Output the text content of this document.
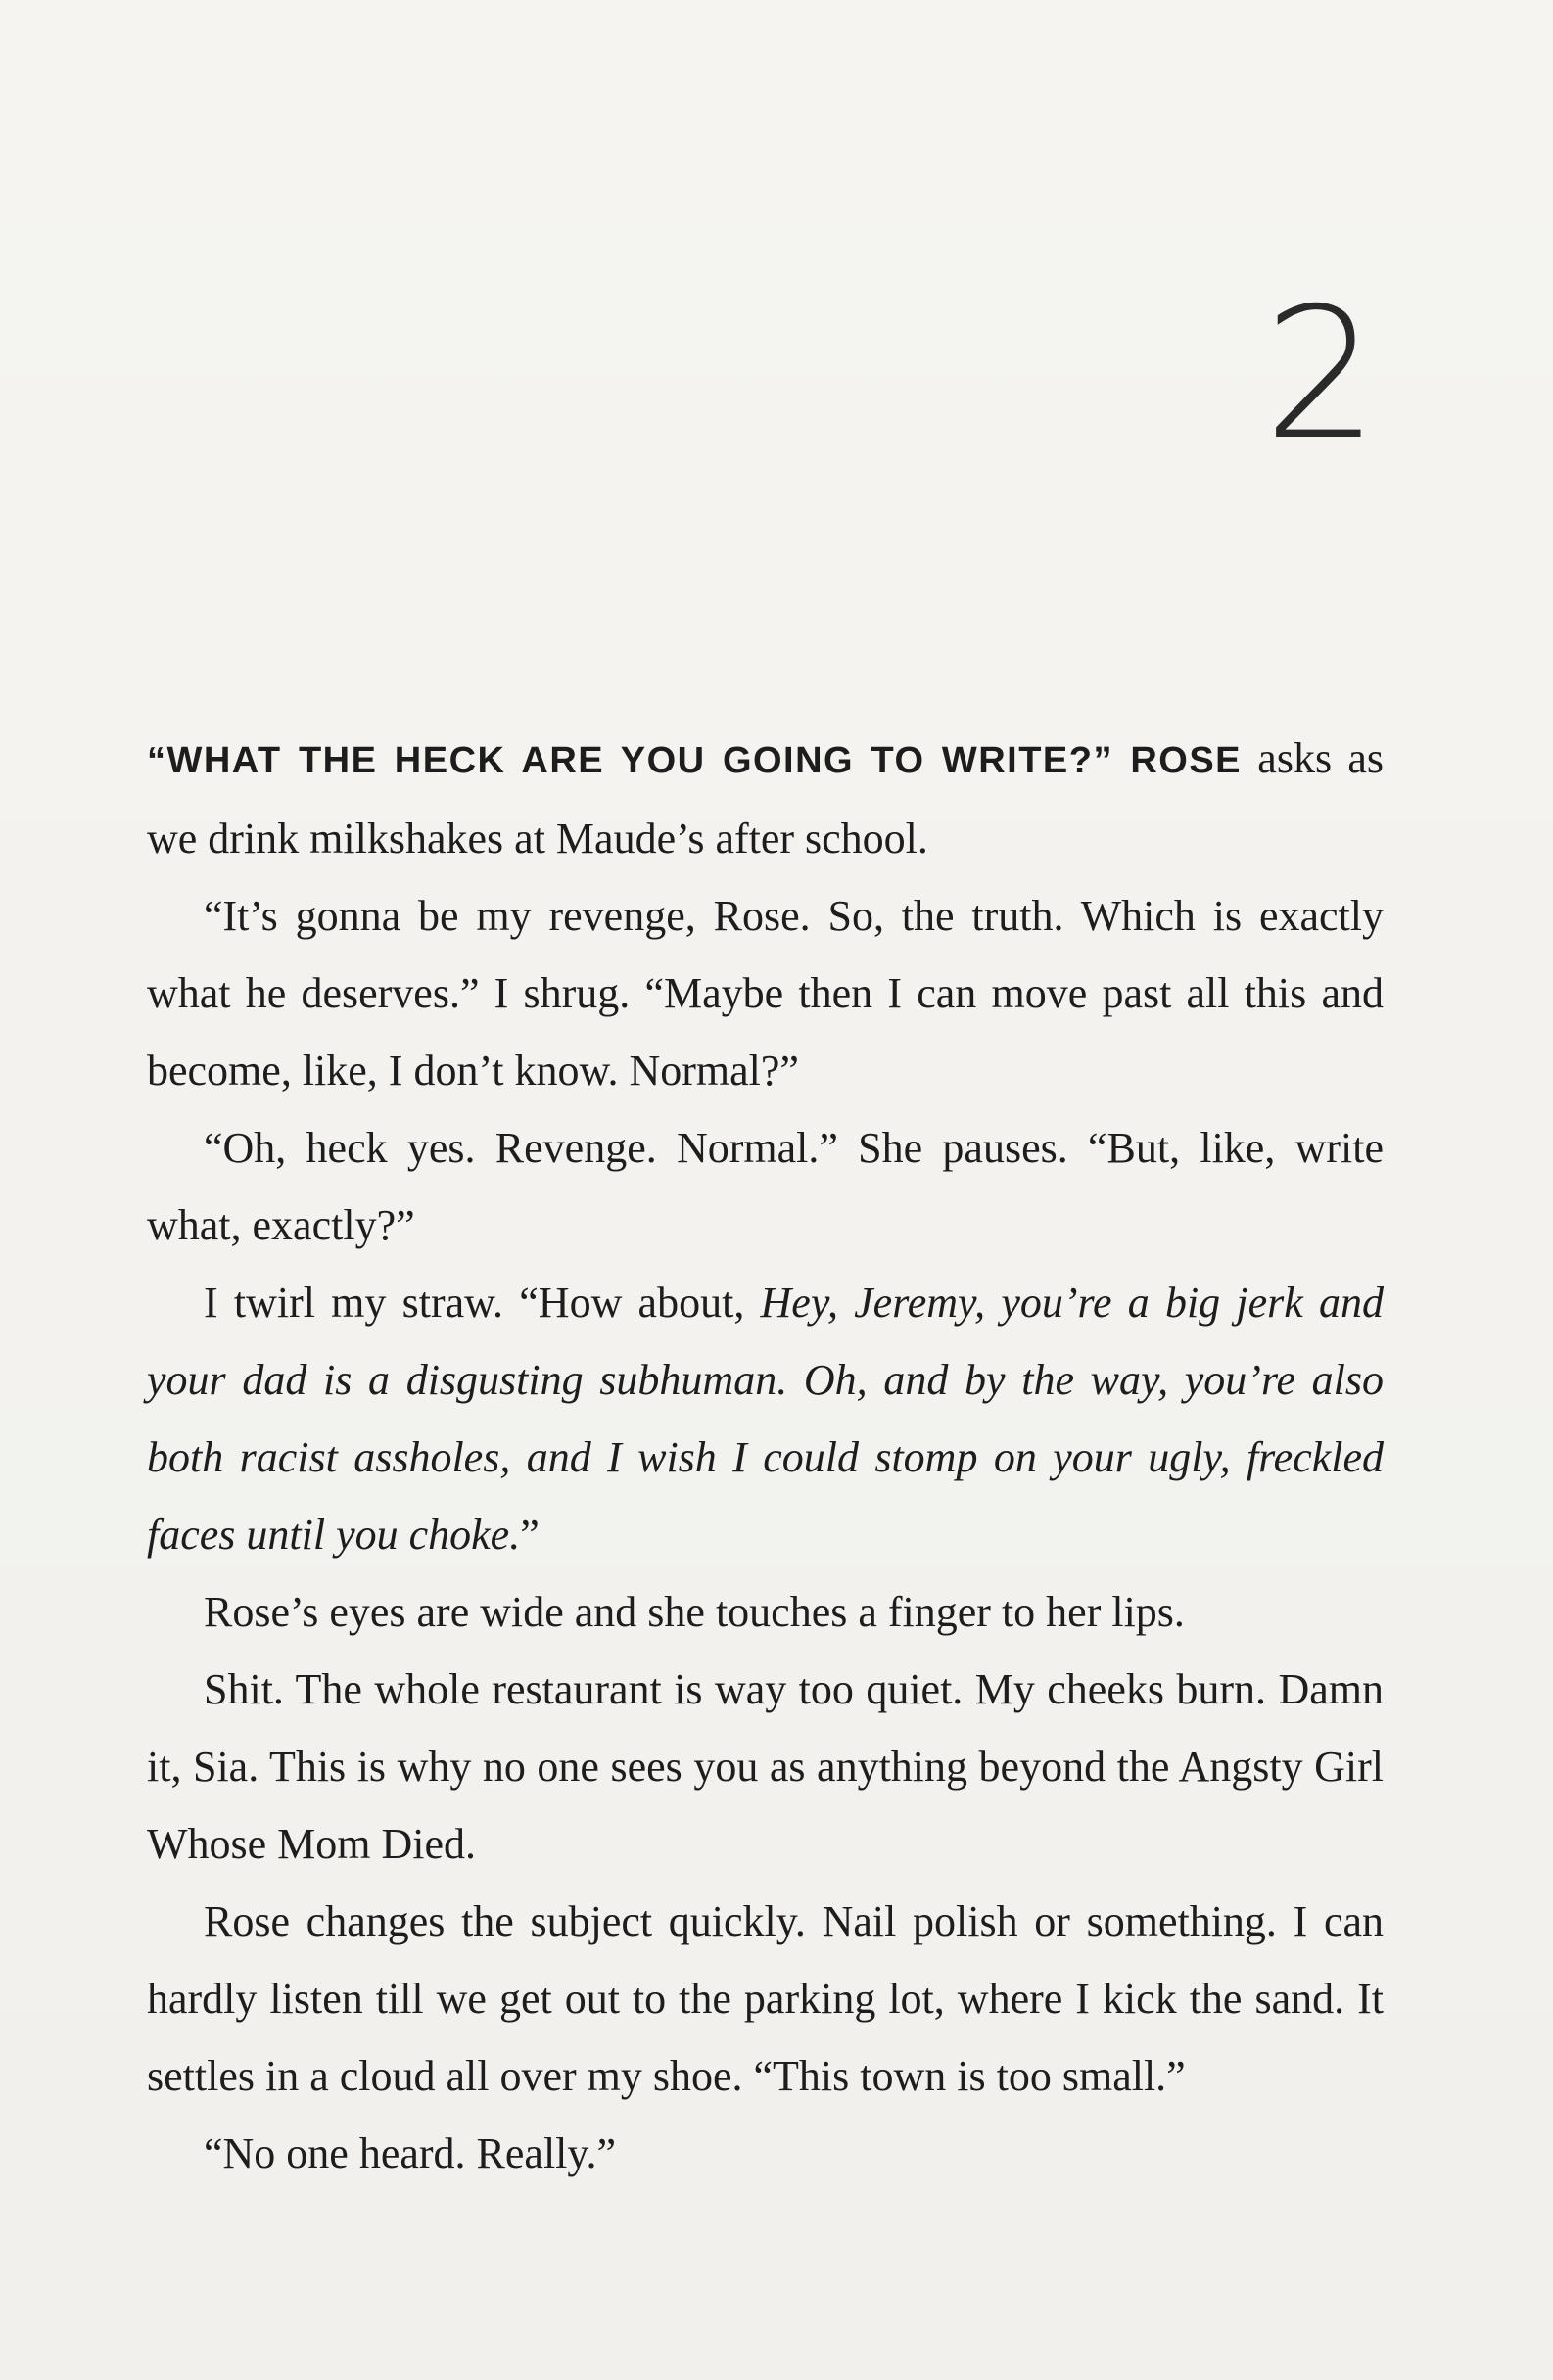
2

“WHAT THE HECK ARE YOU GOING TO WRITE?” ROSE asks as we drink milkshakes at Maude’s after school.

“It’s gonna be my revenge, Rose. So, the truth. Which is exactly what he deserves.” I shrug. “Maybe then I can move past all this and become, like, I don’t know. Normal?”

“Oh, heck yes. Revenge. Normal.” She pauses. “But, like, write what, exactly?”

I twirl my straw. “How about, Hey, Jeremy, you’re a big jerk and your dad is a disgusting subhuman. Oh, and by the way, you’re also both racist assholes, and I wish I could stomp on your ugly, freckled faces until you choke.”

Rose’s eyes are wide and she touches a finger to her lips.

Shit. The whole restaurant is way too quiet. My cheeks burn. Damn it, Sia. This is why no one sees you as anything beyond the Angsty Girl Whose Mom Died.

Rose changes the subject quickly. Nail polish or something. I can hardly listen till we get out to the parking lot, where I kick the sand. It settles in a cloud all over my shoe. “This town is too small.”

“No one heard. Really.”
